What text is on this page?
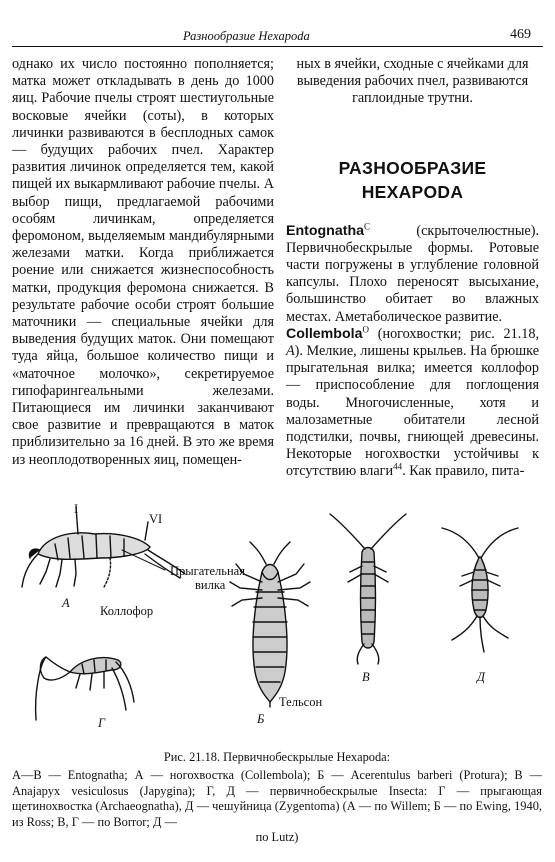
Разнообразие Hexapoda	469

однако их число постоянно пополняется; матка может откладывать в день до 1000 яиц. Рабочие пчелы строят шестиугольные восковые ячейки (соты), в которых личинки развиваются в бесплодных самок — будущих рабочих пчел. Характер развития личинок определяется тем, какой пищей их выкармливают рабочие пчелы. А выбор пищи, предлагаемой рабочими особям личинкам, определяется феромоном, выделяемым мандибулярными железами матки. Когда приближается роение или снижается жизнеспособность матки, продукция феромона снижается. В результате рабочие особи строят большие маточники — специальные ячейки для выведения будущих маток. Они помещают туда яйца, большое количество пищи и «маточное молочко», секретируемое гипофарингеальными железами. Питающиеся им личинки заканчивают свое развитие и превращаются в маток приблизительно за 16 дней. В это же время из неоплодотворенных яиц, помещен-

ных в ячейки, сходные с ячейками для выведения рабочих пчел, развиваются гаплоидные трутни.

РАЗНООБРАЗИЕ
HEXAPODA

Entognatha$^C$ (скрыточелюстные). Первичнобескрылые формы. Ротовые части погружены в углубление головной капсулы. Плохо переносят высыхание, большинство обитает во влажных местах. Аметаболическое развитие.

Collembola$^O$ (ногохвостки; рис. 21.18, А). Мелкие, лишены крыльев. На брюшке прыгательная вилка; имеется коллофор — приспособление для поглощения воды. Многочисленные, хотя и малозаметные обитатели лесной подстилки, почвы, гниющей древесины. Некоторые ногохвостки устойчивы к отсутствию влаги$^{44}$. Как правило, пита-

I
VI
Прыгательная
вилка
Коллофор
Тельсон
А
Б
В
Г
Д
Рис. 21.18. Первичнобескрылые Hexapoda:
А—В — Entognatha; А — ногохвостка (Collembola); Б — Acerentulus barberi (Protura); В — Anajapyx vesiculosus (Japygina); Г, Д — первичнобескрылые Insecta: Г — прыгающая щетинохвостка (Archaeognatha), Д — чешуйница (Zygentoma) (А — по Willem; Б — по Ewing, 1940, из Ross; В, Г — по Borror; Д —
по Lutz)
